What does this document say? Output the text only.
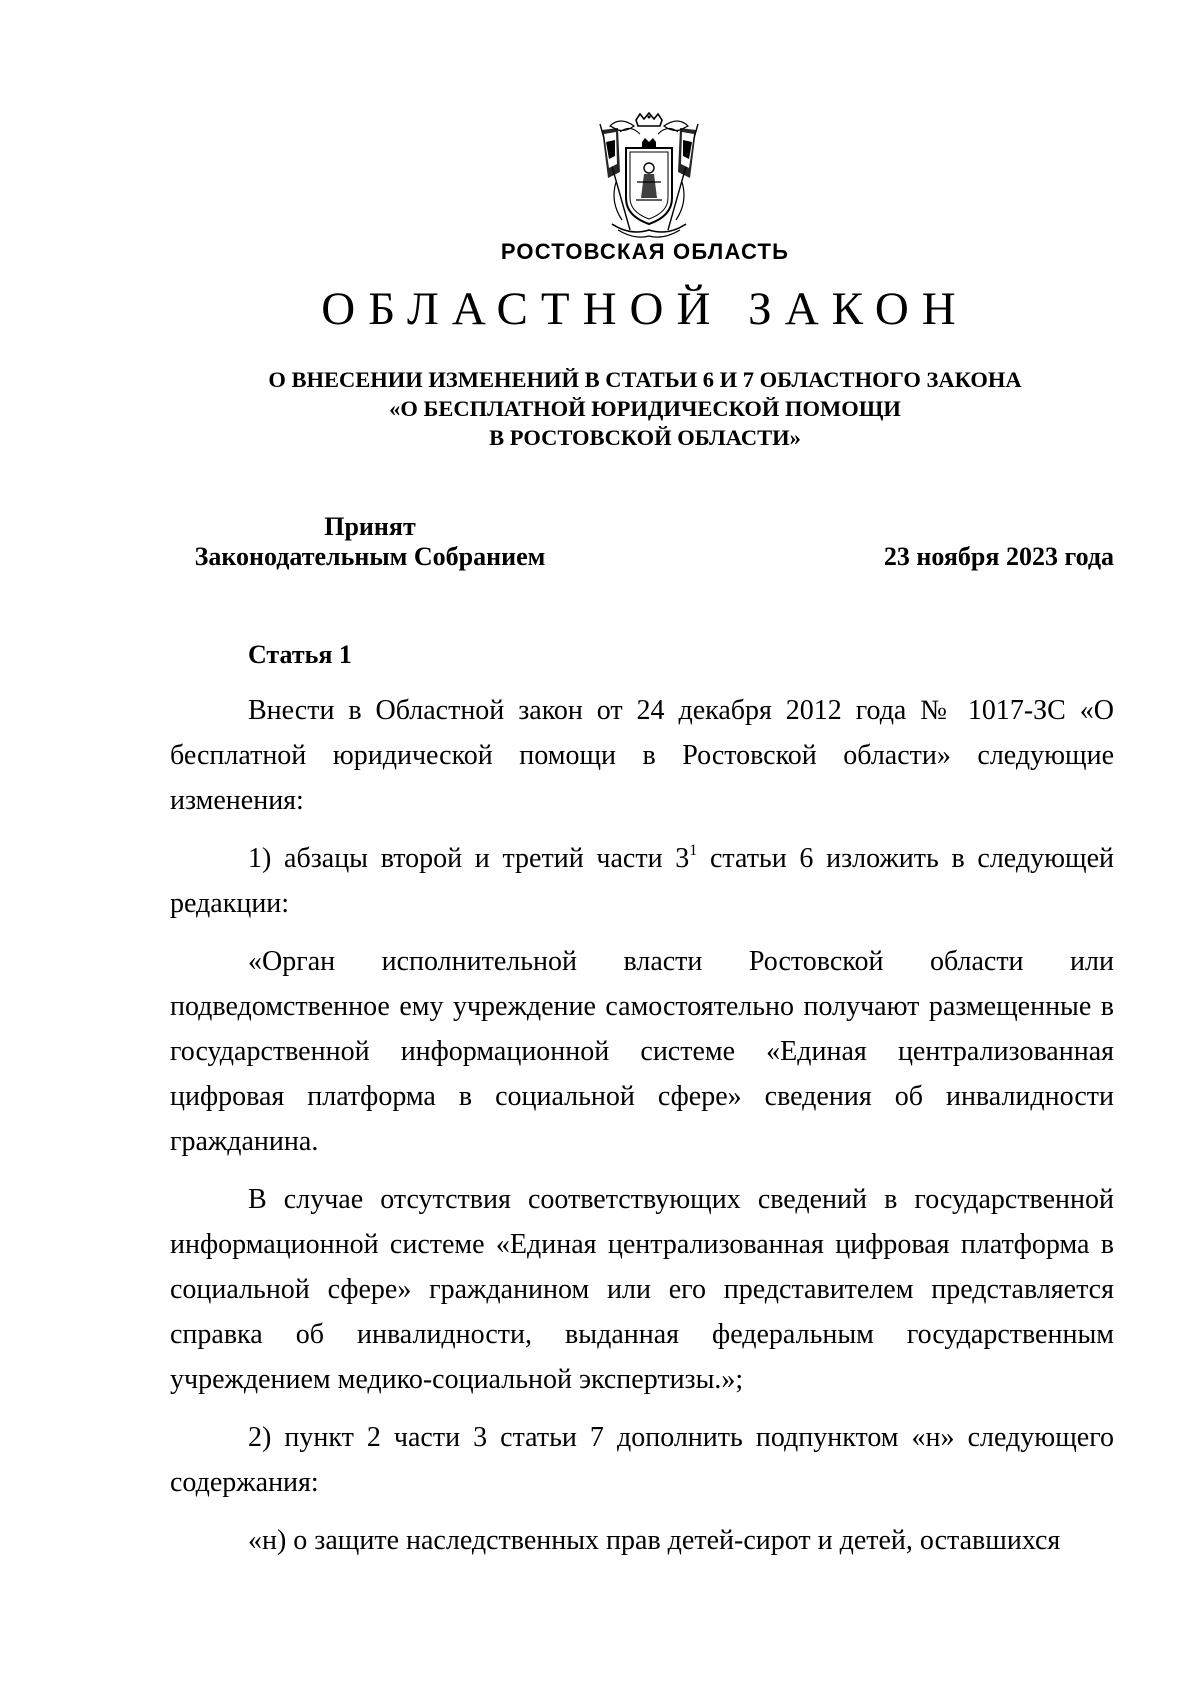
РОСТОВСКАЯ ОБЛАСТЬ
ОБЛАСТНОЙ ЗАКОН
О ВНЕСЕНИИ ИЗМЕНЕНИЙ В СТАТЬИ 6 И 7 ОБЛАСТНОГО ЗАКОНА
«О БЕСПЛАТНОЙ ЮРИДИЧЕСКОЙ ПОМОЩИ
В РОСТОВСКОЙ ОБЛАСТИ»
Принят
Законодательным Собранием	23 ноября 2023 года
Статья 1

Внести в Областной закон от 24 декабря 2012 года № 1017-ЗС «О бесплатной юридической помощи в Ростовской области» следующие изменения:

1) абзацы второй и третий части $3^1$ статьи 6 изложить в следующей редакции:

«Орган исполнительной власти Ростовской области или подведомственное ему учреждение самостоятельно получают размещенные в государственной информационной системе «Единая централизованная цифровая платформа в социальной сфере» сведения об инвалидности гражданина.

В случае отсутствия соответствующих сведений в государственной информационной системе «Единая централизованная цифровая платформа в социальной сфере» гражданином или его представителем представляется справка об инвалидности, выданная федеральным государственным учреждением медико-социальной экспертизы.»;

2) пункт 2 части 3 статьи 7 дополнить подпунктом «н» следующего содержания:

«н) о защите наследственных прав детей-сирот и детей, оставшихся
